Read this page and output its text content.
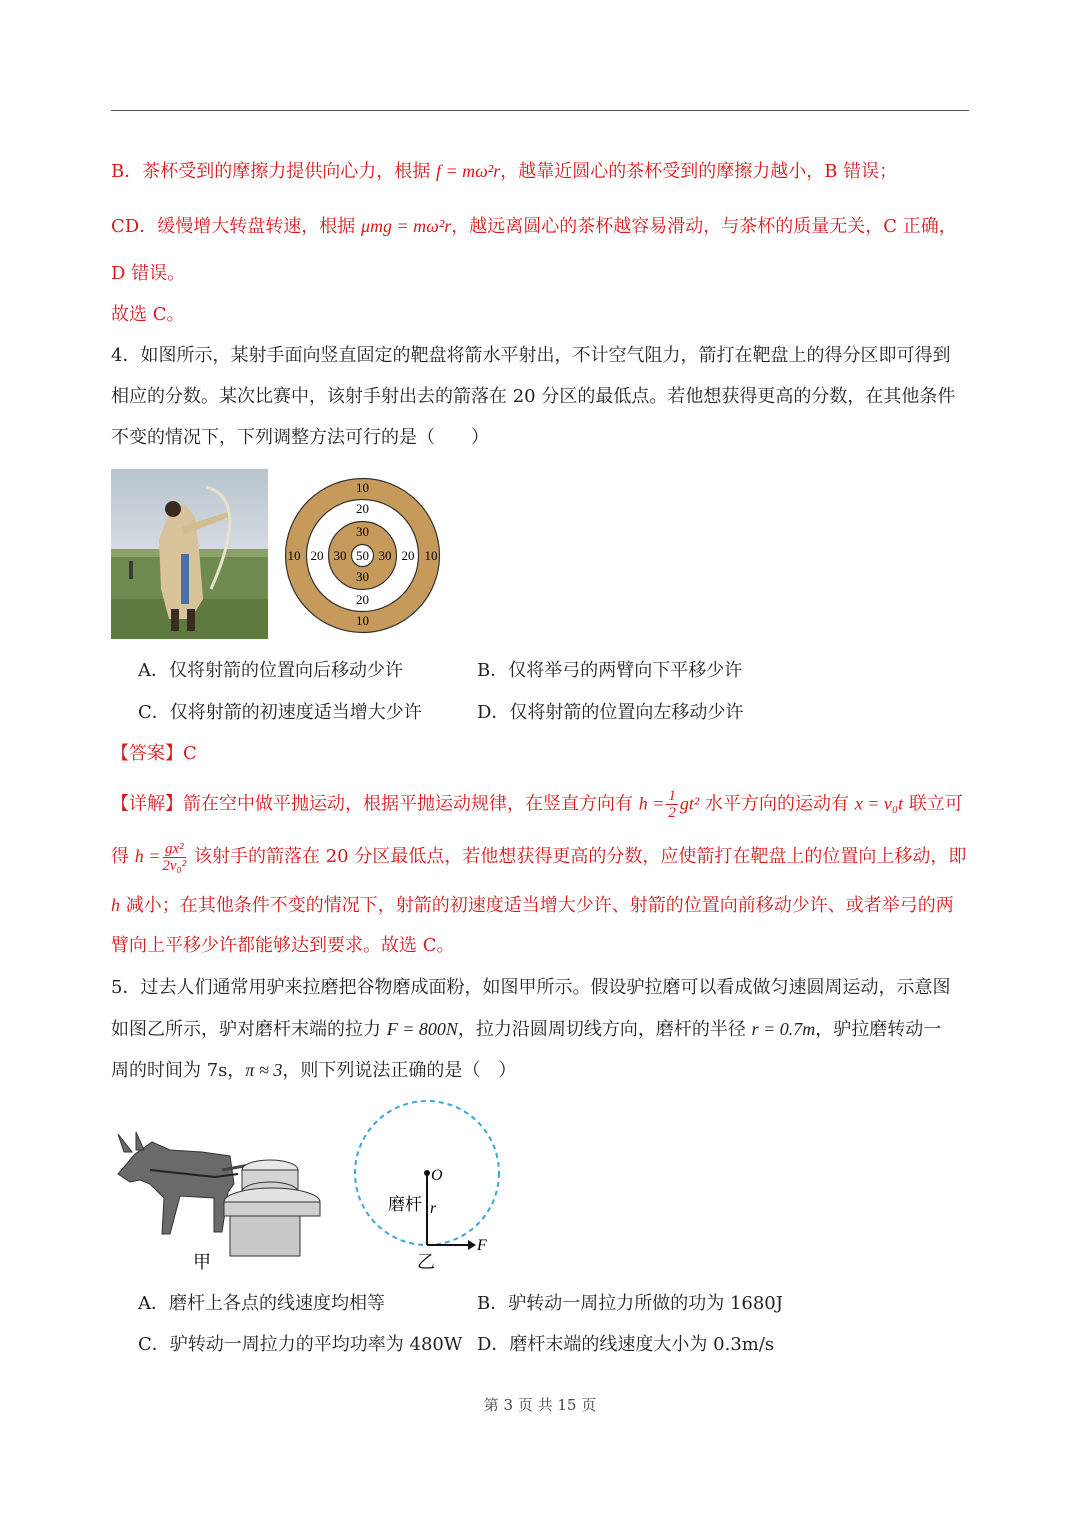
B．茶杯受到的摩擦力提供向心力，根据 f = mω²r，越靠近圆心的茶杯受到的摩擦力越小，B 错误；
CD．缓慢增大转盘转速，根据 μmg = mω²r，越远离圆心的茶杯越容易滑动，与茶杯的质量无关，C 正确，
D 错误。
故选 C。
4．如图所示，某射手面向竖直固定的靶盘将箭水平射出，不计空气阻力，箭打在靶盘上的得分区即可得到
相应的分数。某次比赛中，该射手射出去的箭落在 20 分区的最低点。若他想获得更高的分数，在其他条件
不变的情况下，下列调整方法可行的是（　　）
10
20
30
50
30
20
10
10 20 30 30 20 10
A．仅将射箭的位置向后移动少许	B．仅将举弓的两臂向下平移少许
C．仅将射箭的初速度适当增大少许	D．仅将射箭的位置向左移动少许
【答案】C
【详解】箭在空中做平抛运动，根据平抛运动规律，在竖直方向有 $h = \frac{1}{2} gt^2$ 水平方向的运动有 x = v₀t 联立可
得 $h = \frac{\text{gx²}}{\text{2v₀²}}$ 该射手的箭落在 20 分区最低点，若他想获得更高的分数，应使箭打在靶盘上的位置向上移动，即
h 减小；在其他条件不变的情况下，射箭的初速度适当增大少许、射箭的位置向前移动少许、或者举弓的两
臂向上平移少许都能够达到要求。故选 C。
5．过去人们通常用驴来拉磨把谷物磨成面粉，如图甲所示。假设驴拉磨可以看成做匀速圆周运动，示意图
如图乙所示，驴对磨杆末端的拉力 F = 800N，拉力沿圆周切线方向，磨杆的半径 r = 0.7m，驴拉磨转动一
周的时间为 7s，π ≈ 3，则下列说法正确的是（　）
甲
O
磨杆 r
F
乙
A．磨杆上各点的线速度均相等	B．驴转动一周拉力所做的功为 1680J
C．驴转动一周拉力的平均功率为 480W D．磨杆末端的线速度大小为 0.3m/s
第 3 页 共 15 页
